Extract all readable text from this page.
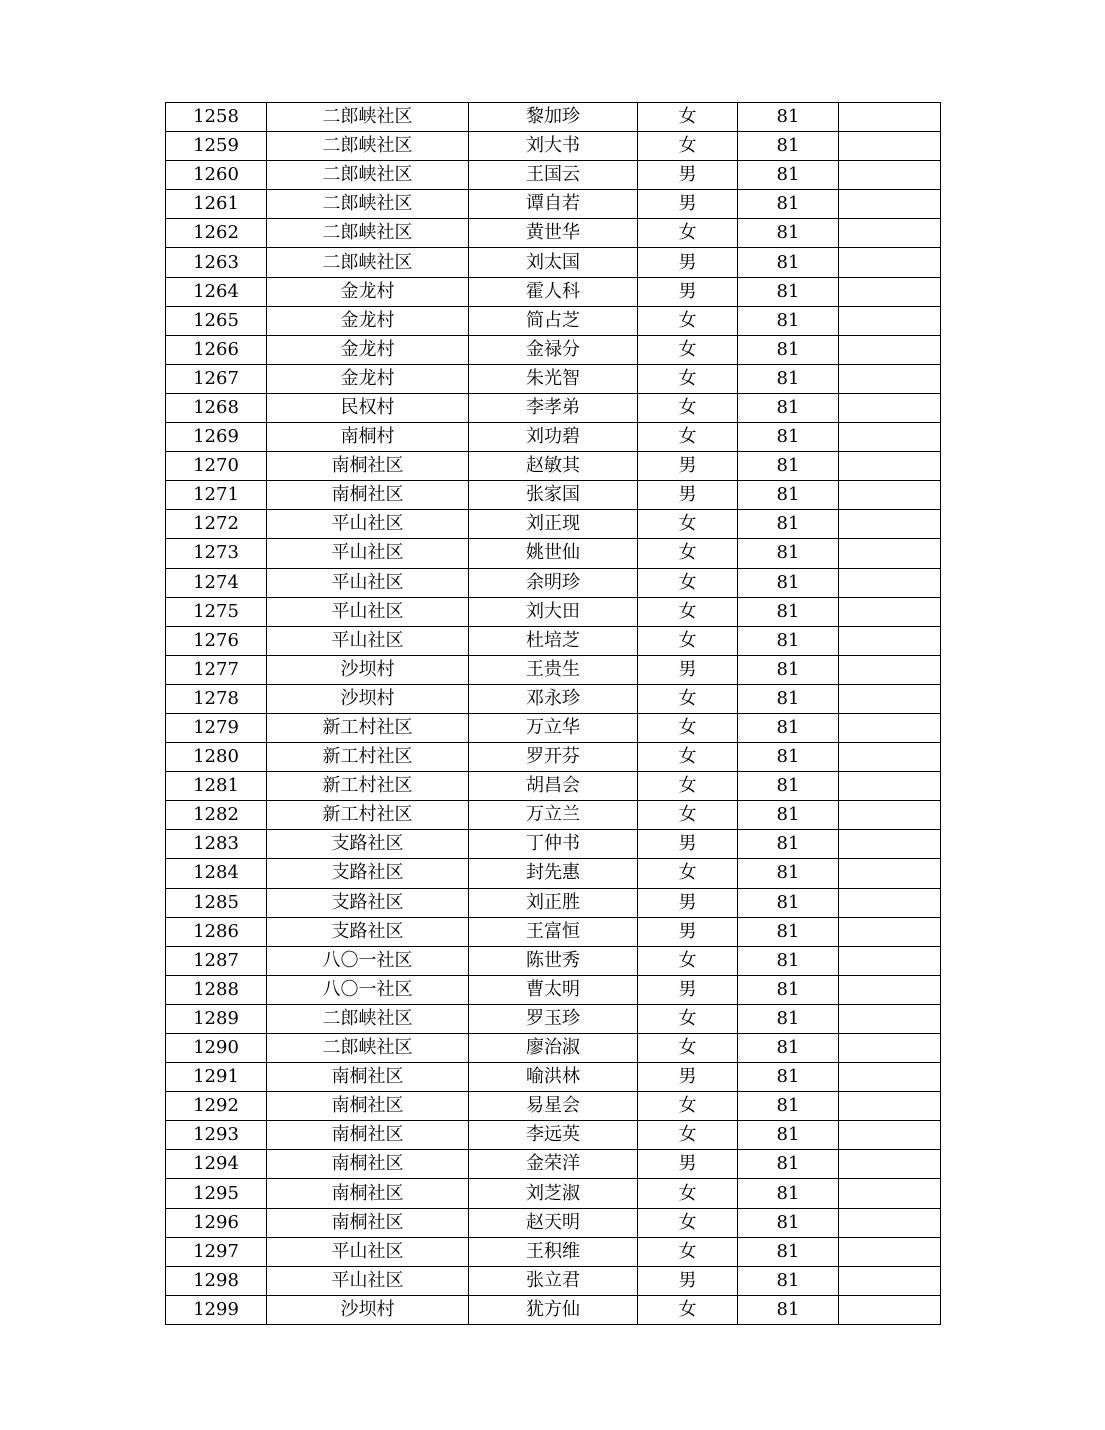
1258	二郎峡社区	黎加珍	女	81	
1259	二郎峡社区	刘大书	女	81	
1260	二郎峡社区	王国云	男	81	
1261	二郎峡社区	谭自若	男	81	
1262	二郎峡社区	黄世华	女	81	
1263	二郎峡社区	刘太国	男	81	
1264	金龙村	霍人科	男	81	
1265	金龙村	简占芝	女	81	
1266	金龙村	金禄分	女	81	
1267	金龙村	朱光智	女	81	
1268	民权村	李孝弟	女	81	
1269	南桐村	刘功碧	女	81	
1270	南桐社区	赵敏其	男	81	
1271	南桐社区	张家国	男	81	
1272	平山社区	刘正现	女	81	
1273	平山社区	姚世仙	女	81	
1274	平山社区	余明珍	女	81	
1275	平山社区	刘大田	女	81	
1276	平山社区	杜培芝	女	81	
1277	沙坝村	王贵生	男	81	
1278	沙坝村	邓永珍	女	81	
1279	新工村社区	万立华	女	81	
1280	新工村社区	罗开芬	女	81	
1281	新工村社区	胡昌会	女	81	
1282	新工村社区	万立兰	女	81	
1283	支路社区	丁仲书	男	81	
1284	支路社区	封先惠	女	81	
1285	支路社区	刘正胜	男	81	
1286	支路社区	王富恒	男	81	
1287	八〇一社区	陈世秀	女	81	
1288	八〇一社区	曹太明	男	81	
1289	二郎峡社区	罗玉珍	女	81	
1290	二郎峡社区	廖治淑	女	81	
1291	南桐社区	喻洪林	男	81	
1292	南桐社区	易星会	女	81	
1293	南桐社区	李远英	女	81	
1294	南桐社区	金荣洋	男	81	
1295	南桐社区	刘芝淑	女	81	
1296	南桐社区	赵天明	女	81	
1297	平山社区	王积维	女	81	
1298	平山社区	张立君	男	81	
1299	沙坝村	犹方仙	女	81	
